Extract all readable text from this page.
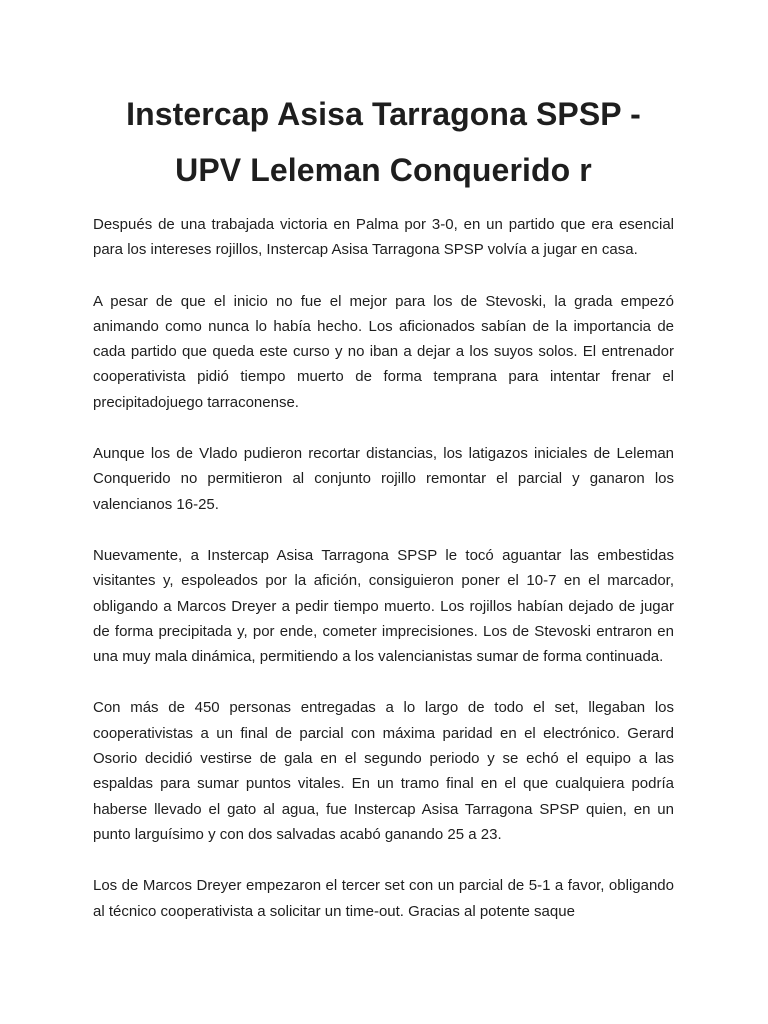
Instercap Asisa Tarragona SPSP -
UPV Leleman Conquerido r

Después de una trabajada victoria en Palma por 3-0, en un partido que era esencial para los intereses rojillos, Instercap Asisa Tarragona SPSP volvía a jugar en casa.

A pesar de que el inicio no fue el mejor para los de Stevoski, la grada empezó animando como nunca lo había hecho. Los aficionados sabían de la importancia de cada partido que queda este curso y no iban a dejar a los suyos solos. El entrenador cooperativista pidió tiempo muerto de forma temprana para intentar frenar el precipitadojuego tarraconense.

Aunque los de Vlado pudieron recortar distancias, los latigazos iniciales de Leleman Conquerido no permitieron al conjunto rojillo remontar el parcial y ganaron los valencianos 16-25.

Nuevamente, a Instercap Asisa Tarragona SPSP le tocó aguantar las embestidas visitantes y, espoleados por la afición, consiguieron poner el 10-7 en el marcador, obligando a Marcos Dreyer a pedir tiempo muerto. Los rojillos habían dejado de jugar de forma precipitada y, por ende, cometer imprecisiones. Los de Stevoski entraron en una muy mala dinámica, permitiendo a los valencianistas sumar de forma continuada.

Con más de 450 personas entregadas a lo largo de todo el set, llegaban los cooperativistas a un final de parcial con máxima paridad en el electrónico. Gerard Osorio decidió vestirse de gala en el segundo periodo y se echó el equipo a las espaldas para sumar puntos vitales. En un tramo final en el que cualquiera podría haberse llevado el gato al agua, fue Instercap Asisa Tarragona SPSP quien, en un punto larguísimo y con dos salvadas acabó ganando 25 a 23.

Los de Marcos Dreyer empezaron el tercer set con un parcial de 5-1 a favor, obligando al técnico cooperativista a solicitar un time-out. Gracias al potente saque
